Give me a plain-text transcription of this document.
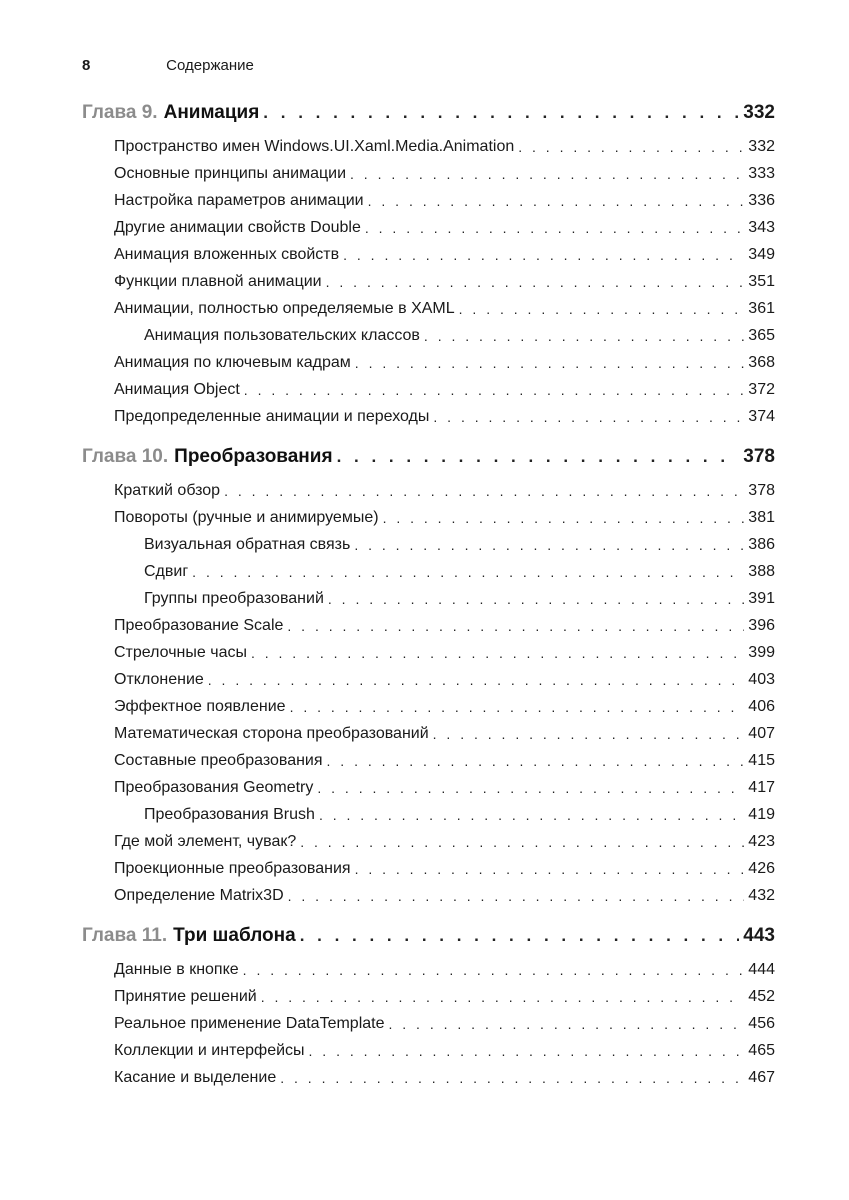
8	Содержание
Глава 9. Анимация . . .	332
Пространство имен Windows.UI.Xaml.Media.Animation . . .	332
Основные принципы анимации . . .	333
Настройка параметров анимации . . .	336
Другие анимации свойств Double . . .	343
Анимация вложенных свойств . . .	349
Функции плавной анимации . . .	351
Анимации, полностью определяемые в XAML . . .	361
Анимация пользовательских классов . . .	365
Анимация по ключевым кадрам . . .	368
Анимация Object . . .	372
Предопределенные анимации и переходы . . .	374
Глава 10. Преобразования . . .	378
Краткий обзор . . .	378
Повороты (ручные и анимируемые) . . .	381
Визуальная обратная связь . . .	386
Сдвиг . . .	388
Группы преобразований . . .	391
Преобразование Scale . . .	396
Стрелочные часы . . .	399
Отклонение . . .	403
Эффектное появление . . .	406
Математическая сторона преобразований . . .	407
Составные преобразования . . .	415
Преобразования Geometry . . .	417
Преобразования Brush . . .	419
Где мой элемент, чувак? . . .	423
Проекционные преобразования . . .	426
Определение Matrix3D . . .	432
Глава 11. Три шаблона . . .	443
Данные в кнопке . . .	444
Принятие решений . . .	452
Реальное применение DataTemplate . . .	456
Коллекции и интерфейсы . . .	465
Касание и выделение . . .	467
